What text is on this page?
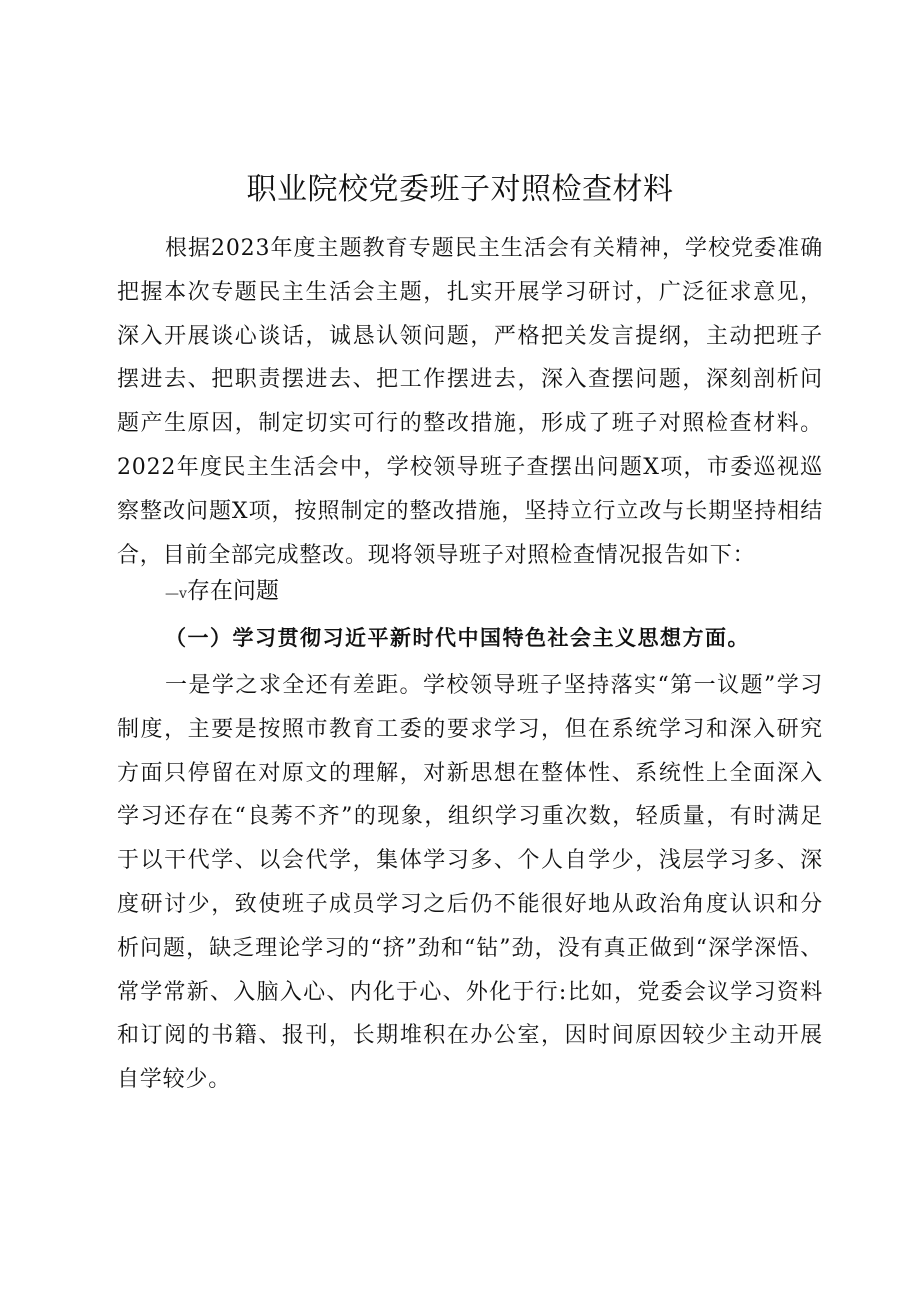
职业院校党委班子对照检查材料

根据2023年度主题教育专题民主生活会有关精神，学校党委准确把握本次专题民主生活会主题，扎实开展学习研讨，广泛征求意见，深入开展谈心谈话，诚恳认领问题，严格把关发言提纲，主动把班子摆进去、把职责摆进去、把工作摆进去，深入查摆问题，深刻剖析问题产生原因，制定切实可行的整改措施，形成了班子对照检查材料。2022年度民主生活会中，学校领导班子查摆出问题X项，市委巡视巡察整改问题X项，按照制定的整改措施，坚持立行立改与长期坚持相结合，目前全部完成整改。现将领导班子对照检查情况报告如下：

—v存在问题
（一）学习贯彻习近平新时代中国特色社会主义思想方面。

一是学之求全还有差距。学校领导班子坚持落实“第一议题”学习制度，主要是按照市教育工委的要求学习，但在系统学习和深入研究方面只停留在对原文的理解，对新思想在整体性、系统性上全面深入学习还存在“良莠不齐”的现象，组织学习重次数，轻质量，有时满足于以干代学、以会代学，集体学习多、个人自学少，浅层学习多、深度研讨少，致使班子成员学习之后仍不能很好地从政治角度认识和分析问题，缺乏理论学习的“挤”劲和“钻”劲，没有真正做到“深学深悟、常学常新、入脑入心、内化于心、外化于行:比如，党委会议学习资料和订阅的书籍、报刊，长期堆积在办公室，因时间原因较少主动开展自学较少。
